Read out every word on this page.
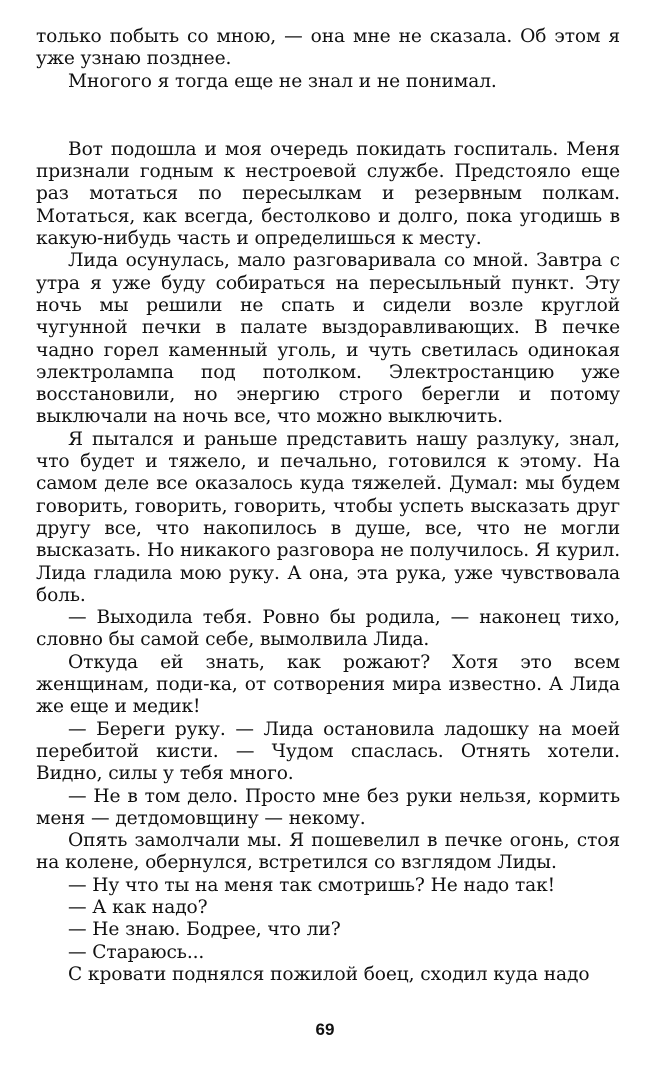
только побыть со мною, — она мне не сказала. Об этом я уже узнаю позднее.

Многого я тогда еще не знал и не понимал.

Вот подошла и моя очередь покидать госпиталь. Меня признали годным к нестроевой службе. Предстояло еще раз мотаться по пересылкам и резервным полкам. Мотаться, как всегда, бестолково и долго, пока угодишь в какую-нибудь часть и определишься к месту.

Лида осунулась, мало разговаривала со мной. Завтра с утра я уже буду собираться на пересыльный пункт. Эту ночь мы решили не спать и сидели возле круглой чугунной печки в палате выздоравливающих. В печке чадно горел каменный уголь, и чуть светилась одинокая электролампа под потолком. Электростанцию уже восстановили, но энергию строго берегли и потому выключали на ночь все, что можно выключить.

Я пытался и раньше представить нашу разлуку, знал, что будет и тяжело, и печально, готовился к этому. На самом деле все оказалось куда тяжелей. Думал: мы будем говорить, говорить, говорить, чтобы успеть высказать друг другу все, что накопилось в душе, все, что не могли высказать. Но никакого разговора не получилось. Я курил. Лида гладила мою руку. А она, эта рука, уже чувствовала боль.

— Выходила тебя. Ровно бы родила, — наконец тихо, словно бы самой себе, вымолвила Лида.

Откуда ей знать, как рожают? Хотя это всем женщинам, поди-ка, от сотворения мира известно. А Лида же еще и медик!

— Береги руку. — Лида остановила ладошку на моей перебитой кисти. — Чудом спаслась. Отнять хотели. Видно, силы у тебя много.

— Не в том дело. Просто мне без руки нельзя, кормить меня — детдомовщину — некому.

Опять замолчали мы. Я пошевелил в печке огонь, стоя на колене, обернулся, встретился со взглядом Лиды.

— Ну что ты на меня так смотришь? Не надо так!

— А как надо?

— Не знаю. Бодрее, что ли?

— Стараюсь...

С кровати поднялся пожилой боец, сходил куда надо

69
